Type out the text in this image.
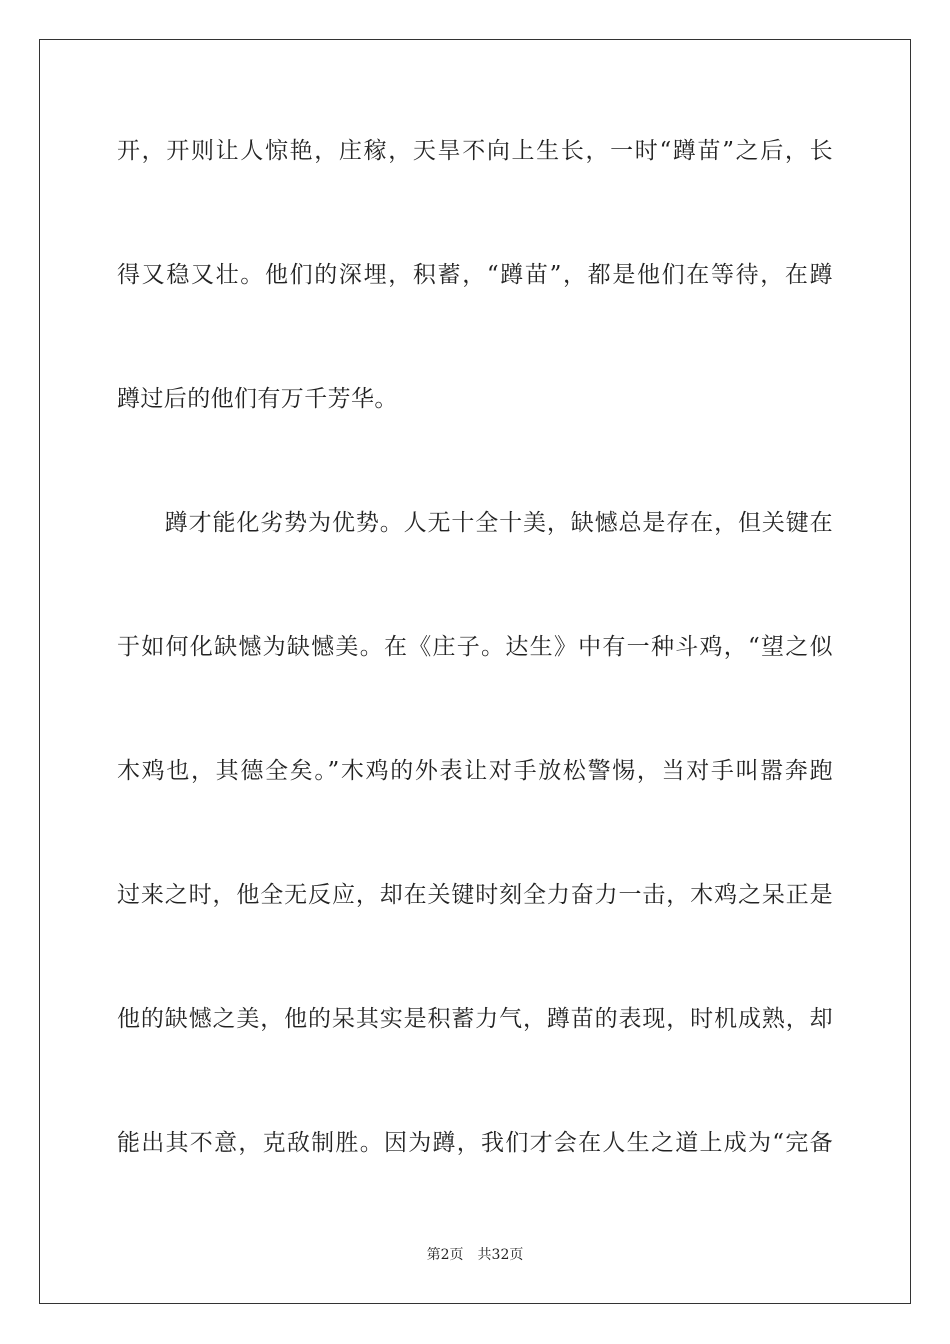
开，开则让人惊艳，庄稼，天旱不向上生长，一时“蹲苗”之后，长
得又稳又壮。他们的深埋，积蓄，“蹲苗”，都是他们在等待，在蹲
蹲过后的他们有万千芳华。
　　蹲才能化劣势为优势。人无十全十美，缺憾总是存在，但关键在
于如何化缺憾为缺憾美。在《庄子。达生》中有一种斗鸡，“望之似
木鸡也，其德全矣。”木鸡的外表让对手放松警惕，当对手叫嚣奔跑
过来之时，他全无反应，却在关键时刻全力奋力一击，木鸡之呆正是
他的缺憾之美，他的呆其实是积蓄力气，蹲苗的表现，时机成熟，却
能出其不意，克敌制胜。因为蹲，我们才会在人生之道上成为“完备
第2页 共32页
